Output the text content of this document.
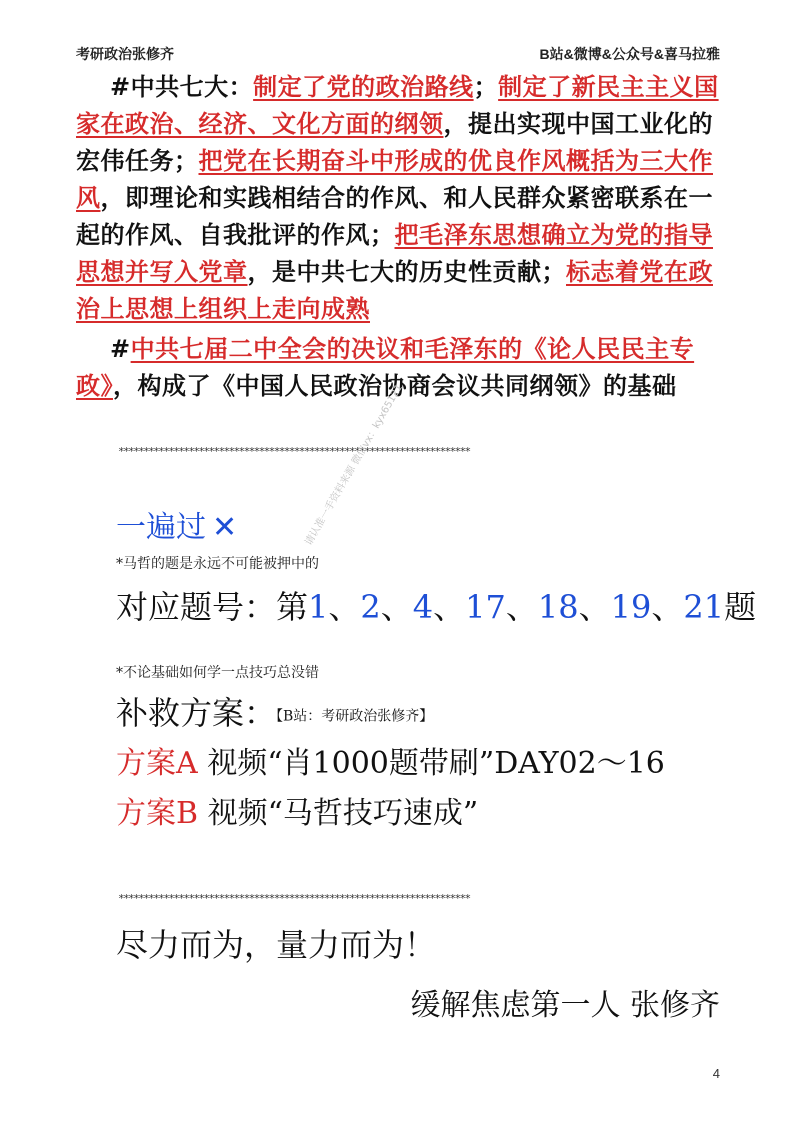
考研政治张修齐	B站&微博&公众号&喜马拉雅
#中共七大：制定了党的政治路线；制定了新民主主义国家在政治、经济、文化方面的纲领，提出实现中国工业化的宏伟任务；把党在长期奋斗中形成的优良作风概括为三大作风，即理论和实践相结合的作风、和人民群众紧密联系在一起的作风、自我批评的作风；把毛泽东思想确立为党的指导思想并写入党章，是中共七大的历史性贡献；标志着党在政治上思想上组织上走向成熟
#中共七届二中全会的决议和毛泽东的《论人民民主专政》，构成了《中国人民政治协商会议共同纲领》的基础
**********************************************************************
一遍过 ✕
*马哲的题是永远不可能被押中的
对应题号：第1、2、4、17、18、19、21题
*不论基础如何学一点技巧总没错
补救方案：【B站：考研政治张修齐】
方案A 视频“肖1000题带刷”DAY02～16
方案B 视频“马哲技巧速成”
**********************************************************************
尽力而为，量力而为！
缓解焦虑第一人 张修齐
请认准一手资料来源 微信vx：kyx65121
4
